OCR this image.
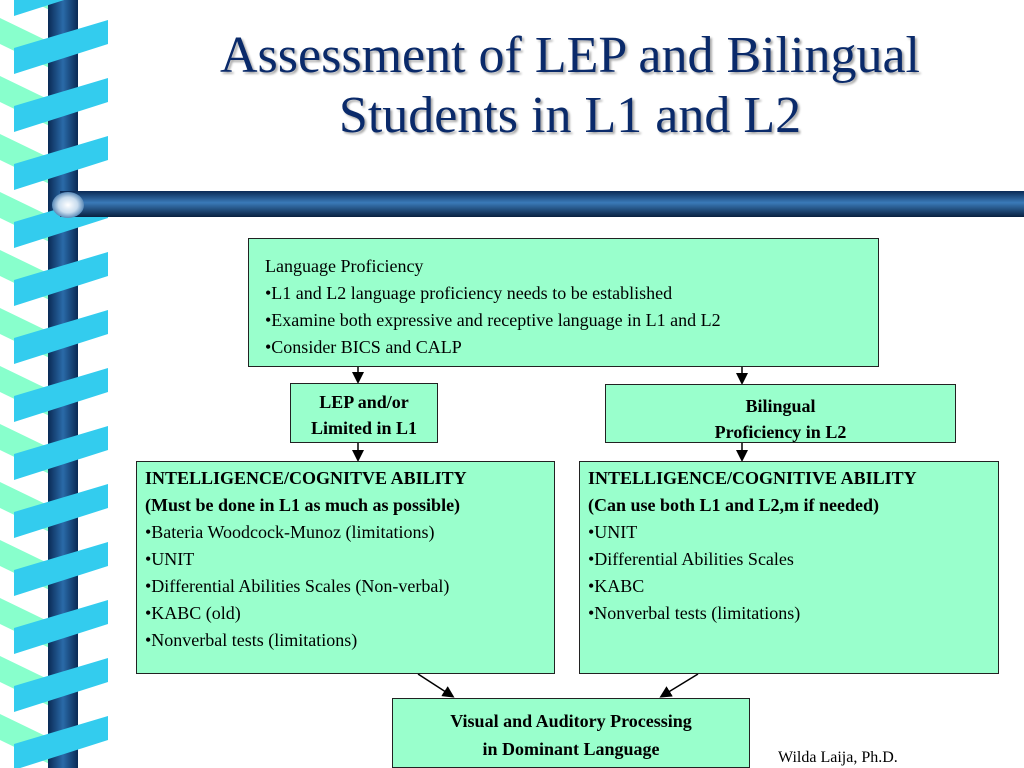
Assessment of LEP and Bilingual
Students in L1 and L2
Language Proficiency
•L1 and L2 language proficiency needs to be established
•Examine both expressive and receptive language in L1 and L2
•Consider BICS and CALP
LEP and/or
Limited in L1
Bilingual
Proficiency in L2
INTELLIGENCE/COGNITVE ABILITY
(Must be done in L1 as much as possible)
•Bateria Woodcock-Munoz (limitations)
•UNIT
•Differential Abilities Scales (Non-verbal)
•KABC (old)
•Nonverbal tests (limitations)
INTELLIGENCE/COGNITIVE ABILITY
(Can use both L1 and L2,m if needed)
•UNIT
•Differential Abilities Scales
•KABC
•Nonverbal tests (limitations)
Visual and Auditory Processing
in Dominant Language	Wilda Laija, Ph.D.
